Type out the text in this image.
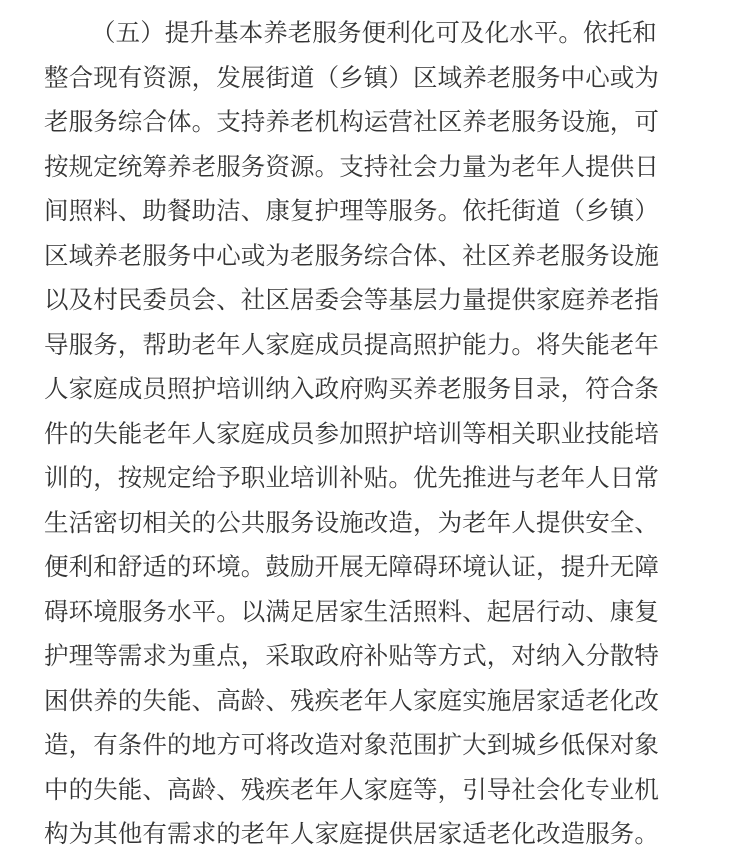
（五）提升基本养老服务便利化可及化水平。依托和
整合现有资源，发展街道（乡镇）区域养老服务中心或为
老服务综合体。支持养老机构运营社区养老服务设施，可
按规定统筹养老服务资源。支持社会力量为老年人提供日
间照料、助餐助洁、康复护理等服务。依托街道（乡镇）
区域养老服务中心或为老服务综合体、社区养老服务设施
以及村民委员会、社区居委会等基层力量提供家庭养老指
导服务，帮助老年人家庭成员提高照护能力。将失能老年
人家庭成员照护培训纳入政府购买养老服务目录，符合条
件的失能老年人家庭成员参加照护培训等相关职业技能培
训的，按规定给予职业培训补贴。优先推进与老年人日常
生活密切相关的公共服务设施改造，为老年人提供安全、
便利和舒适的环境。鼓励开展无障碍环境认证，提升无障
碍环境服务水平。以满足居家生活照料、起居行动、康复
护理等需求为重点，采取政府补贴等方式，对纳入分散特
困供养的失能、高龄、残疾老年人家庭实施居家适老化改
造，有条件的地方可将改造对象范围扩大到城乡低保对象
中的失能、高龄、残疾老年人家庭等，引导社会化专业机
构为其他有需求的老年人家庭提供居家适老化改造服务。
